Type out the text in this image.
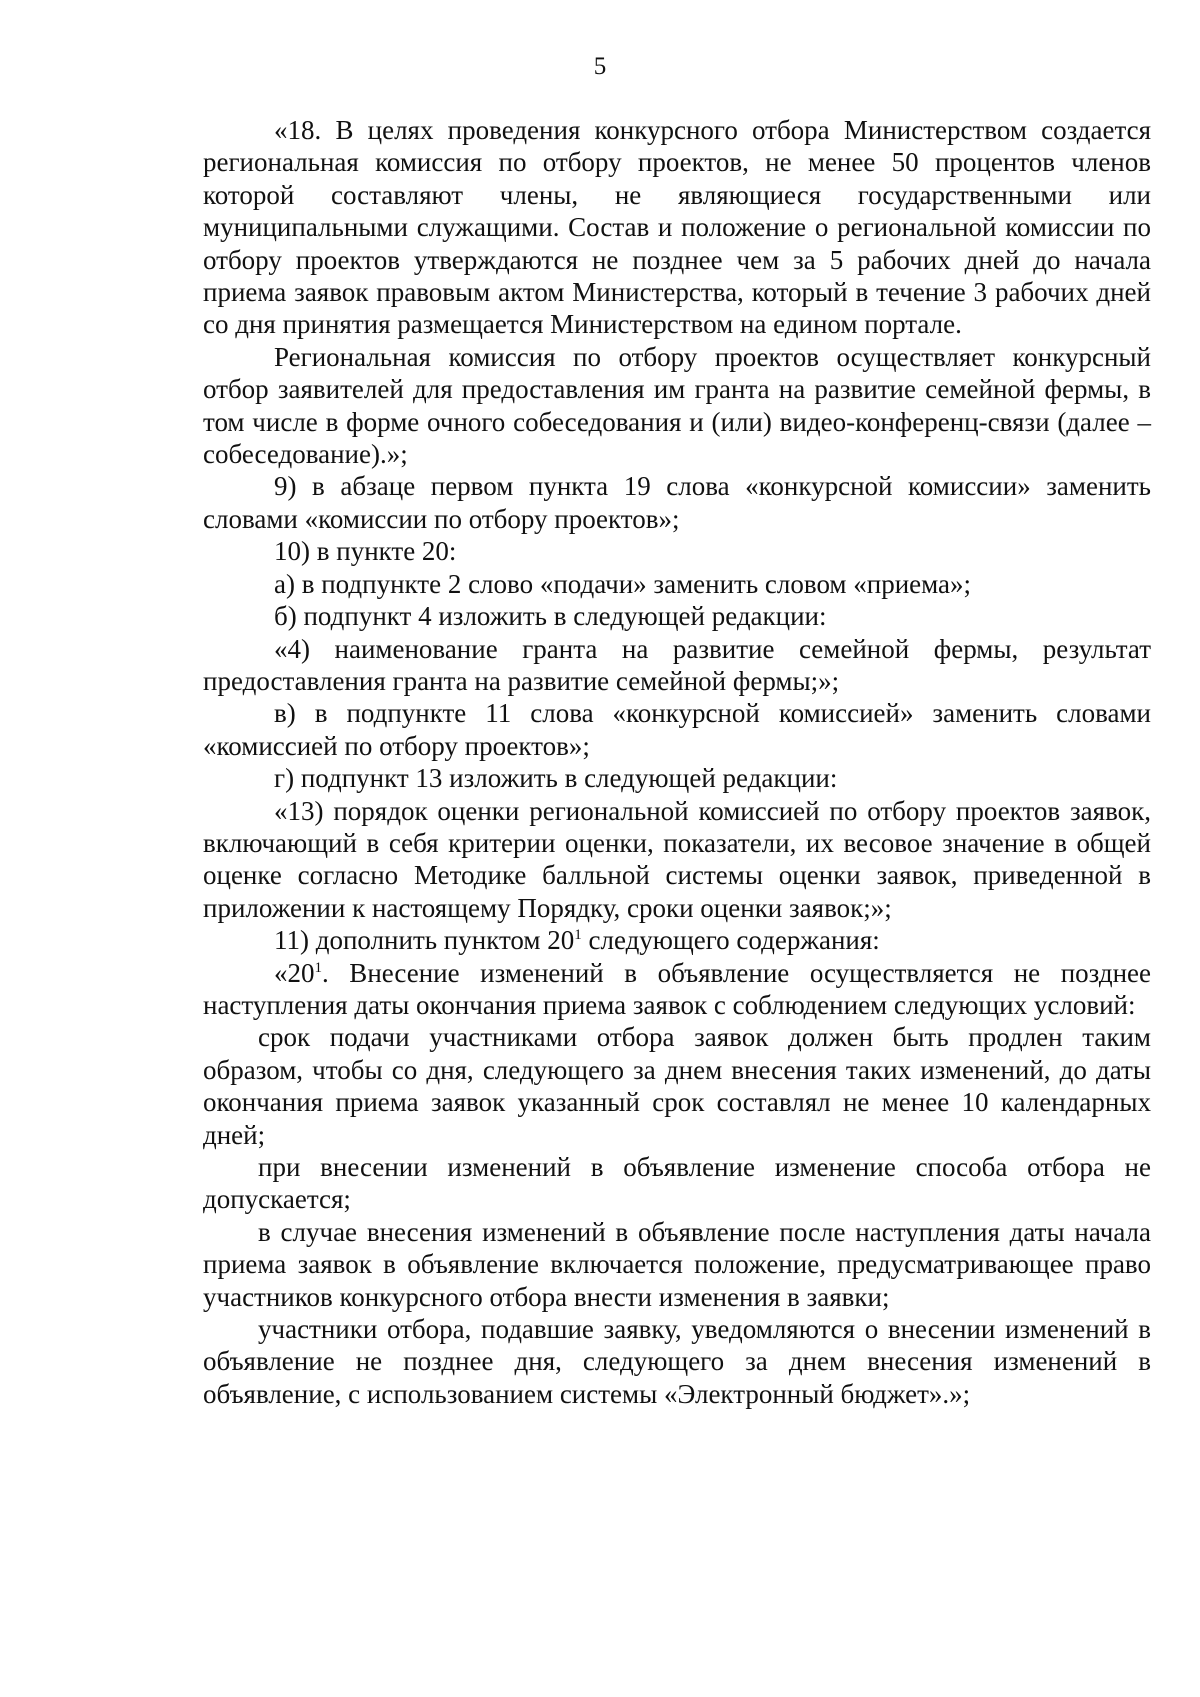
5

«18. В целях проведения конкурсного отбора Министерством создается региональная комиссия по отбору проектов, не менее 50 процентов членов которой составляют члены, не являющиеся государственными или муниципальными служащими. Состав и положение о региональной комиссии по отбору проектов утверждаются не позднее чем за 5 рабочих дней до начала приема заявок правовым актом Министерства, который в течение 3 рабочих дней со дня принятия размещается Министерством на едином портале.

Региональная комиссия по отбору проектов осуществляет конкурсный отбор заявителей для предоставления им гранта на развитие семейной фермы, в том числе в форме очного собеседования и (или) видео-конференц-связи (далее – собеседование).»;

9) в абзаце первом пункта 19 слова «конкурсной комиссии» заменить словами «комиссии по отбору проектов»;

10) в пункте 20:

а) в подпункте 2 слово «подачи» заменить словом «приема»;

б) подпункт 4 изложить в следующей редакции:

«4) наименование гранта на развитие семейной фермы, результат предоставления гранта на развитие семейной фермы;»;

в) в подпункте 11 слова «конкурсной комиссией» заменить словами «комиссией по отбору проектов»;

г) подпункт 13 изложить в следующей редакции:

«13) порядок оценки региональной комиссией по отбору проектов заявок, включающий в себя критерии оценки, показатели, их весовое значение в общей оценке согласно Методике балльной системы оценки заявок, приведенной в приложении к настоящему Порядку, сроки оценки заявок;»;

11) дополнить пунктом $20^1$ следующего содержания:

«$20^1$. Внесение изменений в объявление осуществляется не позднее наступления даты окончания приема заявок с соблюдением следующих условий:

срок подачи участниками отбора заявок должен быть продлен таким образом, чтобы со дня, следующего за днем внесения таких изменений, до даты окончания приема заявок указанный срок составлял не менее 10 календарных дней;

при внесении изменений в объявление изменение способа отбора не допускается;

в случае внесения изменений в объявление после наступления даты начала приема заявок в объявление включается положение, предусматривающее право участников конкурсного отбора внести изменения в заявки;

участники отбора, подавшие заявку, уведомляются о внесении изменений в объявление не позднее дня, следующего за днем внесения изменений в объявление, с использованием системы «Электронный бюджет».»;
